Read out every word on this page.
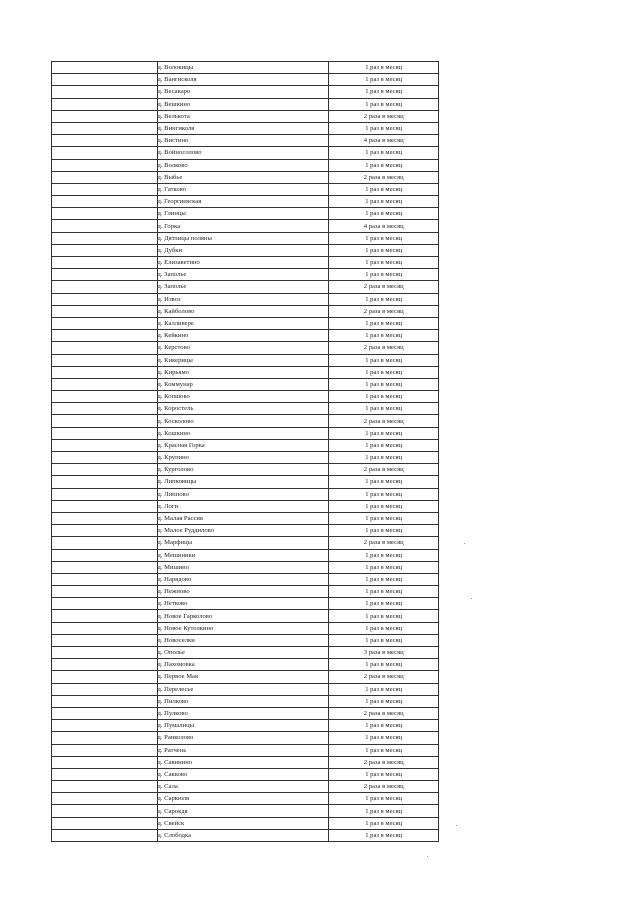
	д. Волокицы	1 раз в месяц
	д. Вангисколя	1 раз в месяц
	д. Весакаро	1 раз в месяц
	д. Вешкино	1 раз в месяц
	д. Велькота	2 раза в месяц
	д. Вингиколя	1 раз в месяц
	д. Вистино	4 раза в месяц
	д. Войносолово	1 раз в месяц
	д. Волково	1 раз в месяц
	д. Выбье	2 раза в месяц
	д. Гатково	1 раз в месяц
	д. Георгиевская	1 раз в месяц
	д. Глинцы	1 раз в месяц
	д. Горка	4 раза в месяц
	д. Дятлицы поляны	1 раз в месяц
	д. Дубки	1 раз в месяц
	д. Елизаветино	1 раз в месяц
	д. Заполье	1 раз в месяц
	д. Заполье	2 раза в месяц
	д. Извоз	1 раз в месяц
	д. Кайболово	2 раза в месяц
	д. Калливере	1 раз в месяц
	д. Кейкино	1 раз в месяц
	д. Керстово	2 раза в месяц
	д. Кикерицы	1 раз в месяц
	д. Кирьямо	1 раз в месяц
	д. Коммунар	1 раз в месяц
	д. Копшово	1 раз в месяц
	д. Коростель	1 раз в месяц
	д. Косколово	2 раза в месяц
	д. Кошкино	1 раз в месяц
	д. Красная Горка	1 раз в месяц
	д. Крупино	1 раз в месяц
	д. Курголово	2 раза в месяц
	д. Липковицы	1 раз в месяц
	д. Липпово	1 раз в месяц
	д. Логи	1 раз в месяц
	д. Малая Рассия	1 раз в месяц
	д. Малое Руддилово	1 раз в месяц
	д. Марфицы	2 раза в месяц
	д. Мешиники	1 раз в месяц
	д. Мишино	1 раз в месяц
	д. Нарядово	1 раз в месяц
	д. Нежново	1 раз в месяц
	д. Нетково	1 раз в месяц
	д. Новое Гарколово	1 раз в месяц
	д. Новое Кутолкино	1 раз в месяц
	д. Новоселки	1 раз в месяц
	д. Ополье	3 раза в месяц
	д. Пахомовка	1 раз в месяц
	д. Первое Мая	2 раза в месяц
	д. Перелесье	1 раз в месяц
	д. Пилково	1 раз в месяц
	д. Пулково	2 раза в месяц
	д. Пумалицы	1 раз в месяц
	д. Ранколово	1 раз в месяц
	д. Ратчень	1 раз в месяц
	д. Савинино	2 раза в месяц
	д. Сакково	1 раз в месяц
	д. Сала	2 раза в месяц
	д. Саркюля	1 раз в месяц
	д. Сарокдя	1 раз в месяц
	д. Свейск	1 раз в месяц
	д. Слободка	1 раз в месяц
